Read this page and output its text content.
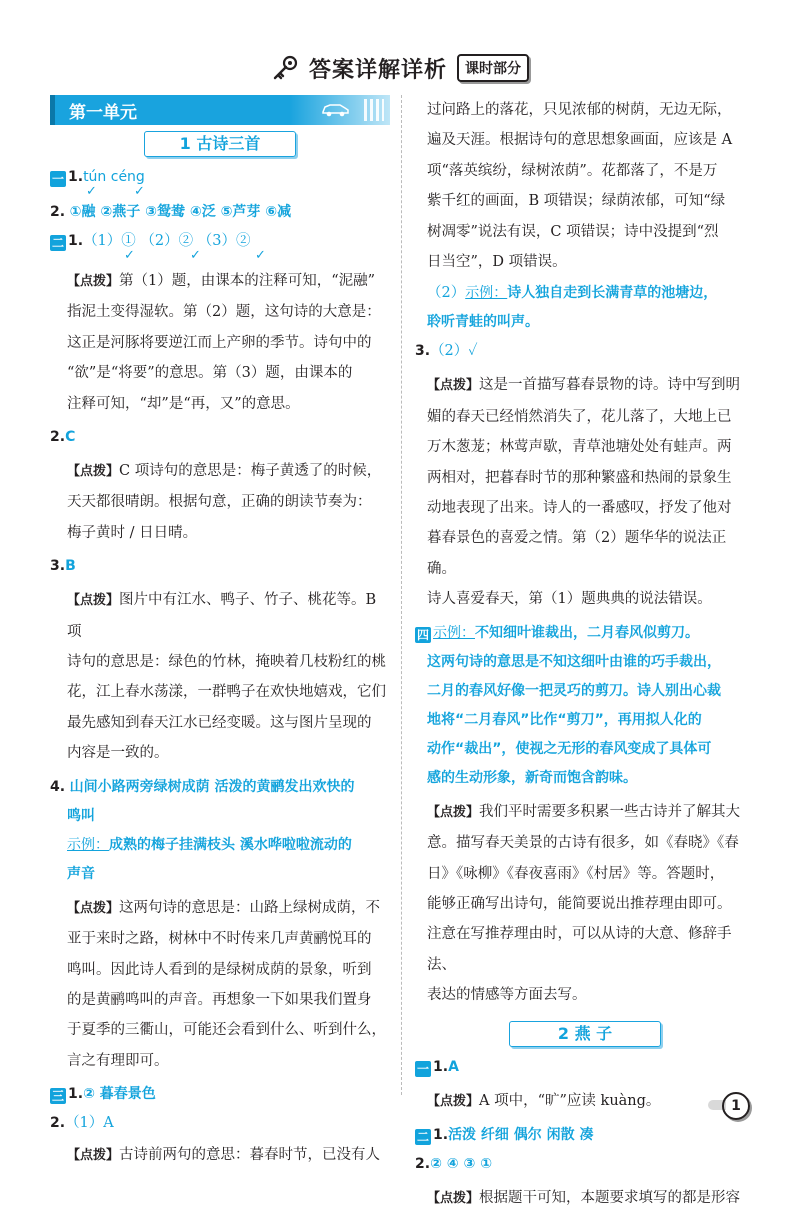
答案详解详析	课时部分
第一单元
1 古诗三首
一 1.tún céng
✓	✓
2. ①融 ②燕子 ③鸳鸯 ④泛 ⑤芦芽 ⑥减
二 1.（1）① （2）② （3）②
✓	✓	✓
【点拨】第（1）题，由课本的注释可知，“泥融”
指泥土变得湿软。第（2）题，这句诗的大意是：
这正是河豚将要逆江而上产卵的季节。诗句中的
“欲”是“将要”的意思。第（3）题，由课本的
注释可知，“却”是“再，又”的意思。
2.C
【点拨】C 项诗句的意思是：梅子黄透了的时候，
天天都很晴朗。根据句意，正确的朗读节奏为：
梅子黄时 / 日日晴。
3.B
【点拨】图片中有江水、鸭子、竹子、桃花等。B 项
诗句的意思是：绿色的竹林，掩映着几枝粉红的桃
花，江上春水荡漾，一群鸭子在欢快地嬉戏，它们
最先感知到春天江水已经变暖。这与图片呈现的
内容是一致的。
4. 山间小路两旁绿树成荫 活泼的黄鹂发出欢快的
鸣叫
示例：成熟的梅子挂满枝头 溪水哗啦啦流动的
声音
【点拨】这两句诗的意思是：山路上绿树成荫，不
亚于来时之路，树林中不时传来几声黄鹂悦耳的
鸣叫。因此诗人看到的是绿树成荫的景象，听到
的是黄鹂鸣叫的声音。再想象一下如果我们置身
于夏季的三衢山，可能还会看到什么、听到什么，
言之有理即可。
三 1.② 暮春景色
2.（1）A
【点拨】古诗前两句的意思：暮春时节，已没有人
过问路上的落花，只见浓郁的树荫，无边无际，
遍及天涯。根据诗句的意思想象画面，应该是 A
项“落英缤纷，绿树浓荫”。花都落了，不是万
紫千红的画面，B 项错误；绿荫浓郁，可知“绿
树凋零”说法有误，C 项错误；诗中没提到“烈
日当空”，D 项错误。
（2）示例：诗人独自走到长满青草的池塘边，
聆听青蛙的叫声。
3.（2）✓
【点拨】这是一首描写暮春景物的诗。诗中写到明
媚的春天已经悄然消失了，花儿落了，大地上已
万木葱茏；林莺声歇，青草池塘处处有蛙声。两
两相对，把暮春时节的那种繁盛和热闹的景象生
动地表现了出来。诗人的一番感叹，抒发了他对
暮春景色的喜爱之情。第（2）题华华的说法正确。
诗人喜爱春天，第（1）题典典的说法错误。
四 示例：不知细叶谁裁出，二月春风似剪刀。
这两句诗的意思是不知这细叶由谁的巧手裁出，
二月的春风好像一把灵巧的剪刀。诗人别出心裁
地将“二月春风”比作“剪刀”，再用拟人化的
动作“裁出”，使视之无形的春风变成了具体可
感的生动形象，新奇而饱含韵味。
【点拨】我们平时需要多积累一些古诗并了解其大
意。描写春天美景的古诗有很多，如《春晓》《春
日》《咏柳》《春夜喜雨》《村居》等。答题时，
能够正确写出诗句，能简要说出推荐理由即可。
注意在写推荐理由时，可以从诗的大意、修辞手法、
表达的情感等方面去写。
2 燕 子
一 1.A
【点拨】A 项中，“旷”应读 kuàng。
二 1.活泼 纤细 偶尔 闲散 凑
2.② ④ ③ ①
【点拨】根据题干可知，本题要求填写的都是形容
1
